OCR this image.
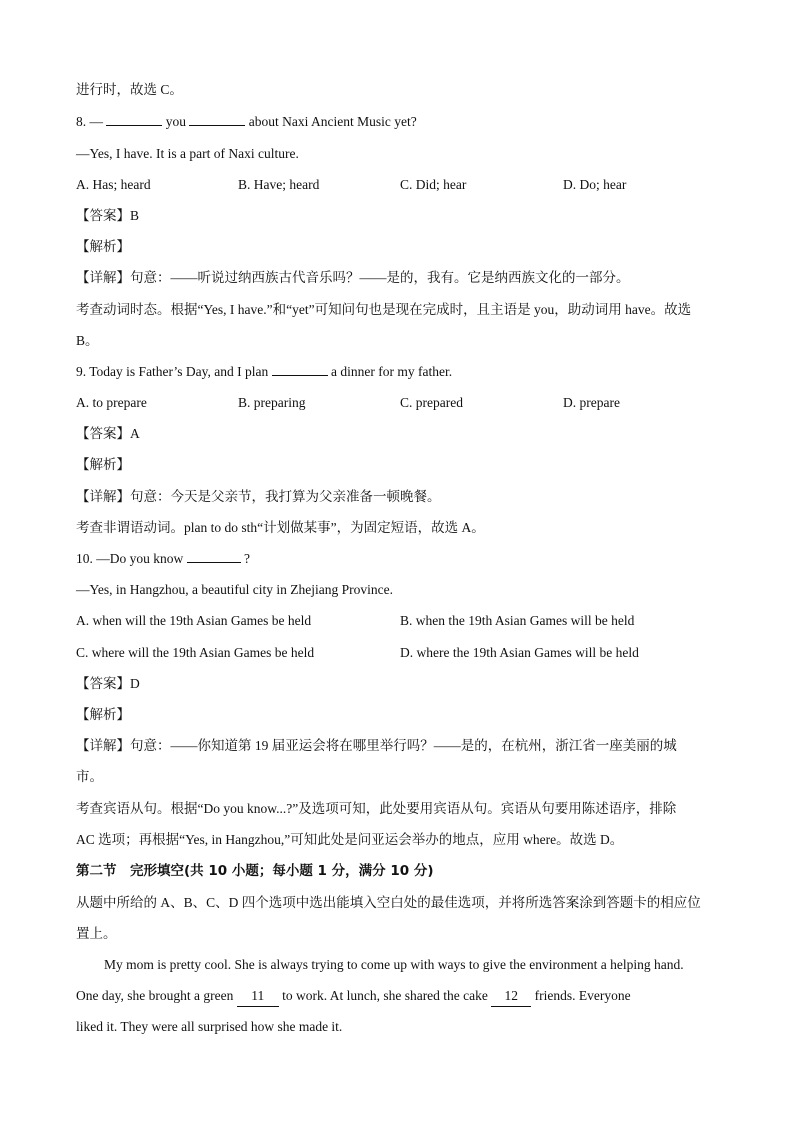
进行时，故选 C。
8. —	you	about Naxi Ancient Music yet?
—Yes, I have. It is a part of Naxi culture.
A. Has; heard	B. Have; heard	C. Did; hear	D. Do; hear
【答案】B
【解析】
【详解】句意：——听说过纳西族古代音乐吗？——是的，我有。它是纳西族文化的一部分。
考查动词时态。根据“Yes, I have.”和“yet”可知问句也是现在完成时，且主语是 you，助动词用 have。故选
B。
9. Today is Father’s Day, and I plan	a dinner for my father.
A. to prepare	B. preparing	C. prepared	D. prepare
【答案】A
【解析】
【详解】句意：今天是父亲节，我打算为父亲准备一顿晚餐。
考查非谓语动词。plan to do sth“计划做某事”，为固定短语，故选 A。
10. —Do you know	?
—Yes, in Hangzhou, a beautiful city in Zhejiang Province.
A. when will the 19th Asian Games be held	B. when the 19th Asian Games will be held
C. where will the 19th Asian Games be held	D. where the 19th Asian Games will be held
【答案】D
【解析】
【详解】句意：——你知道第 19 届亚运会将在哪里举行吗？——是的，在杭州，浙江省一座美丽的城
市。
考查宾语从句。根据“Do you know...?”及选项可知，此处要用宾语从句。宾语从句要用陈述语序，排除
AC 选项；再根据“Yes, in Hangzhou,”可知此处是问亚运会举办的地点，应用 where。故选 D。
第二节　完形填空(共 10 小题；每小题 1 分，满分 10 分)
从题中所给的 A、B、C、D 四个选项中选出能填入空白处的最佳选项，并将所选答案涂到答题卡的相应位
置上。
My mom is pretty cool. She is always trying to come up with ways to give the environment a helping hand.
One day, she brought a green 11 to work. At lunch, she shared the cake 12 friends. Everyone
liked it. They were all surprised how she made it.
